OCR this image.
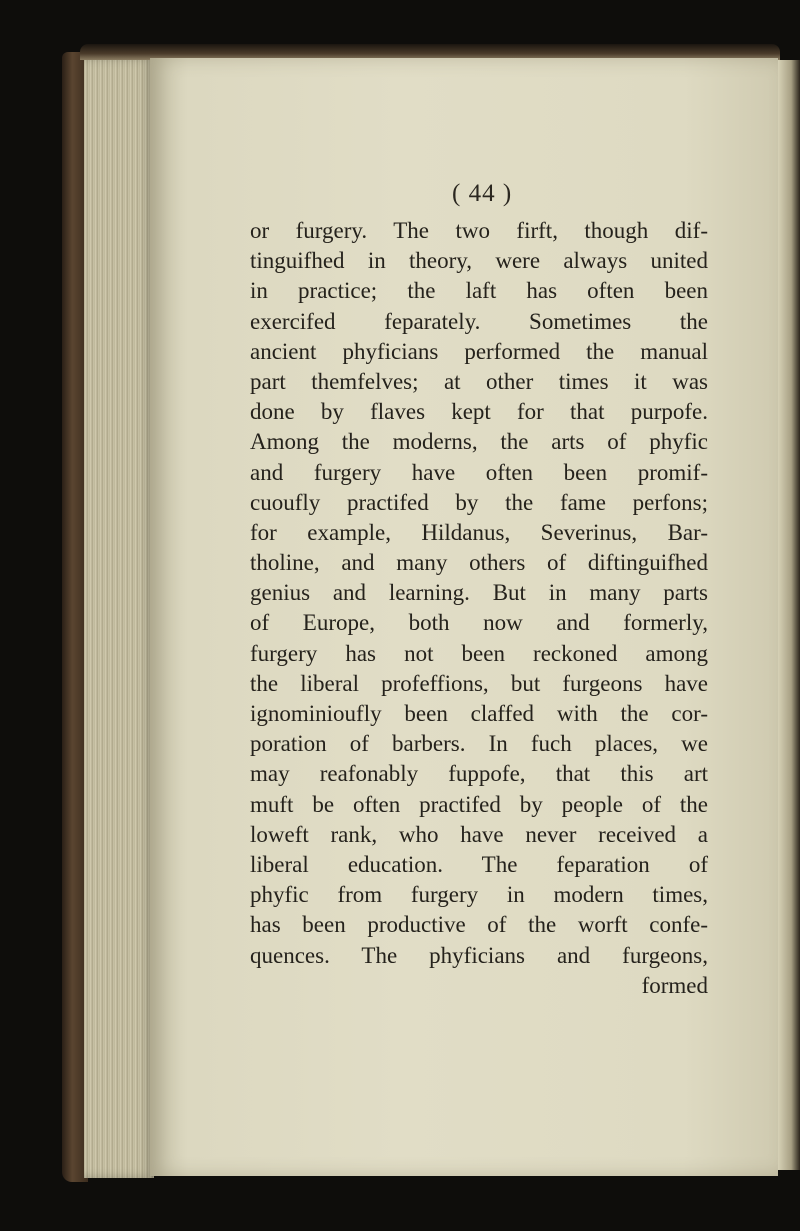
( 44 )
or furgery. The two firft, though dif-
tinguifhed in theory, were always united
in practice; the laft has often been
exercifed feparately. Sometimes the
ancient phyficians performed the manual
part themfelves; at other times it was
done by flaves kept for that purpofe.
Among the moderns, the arts of phyfic
and furgery have often been promif-
cuoufly practifed by the fame perfons;
for example, Hildanus, Severinus, Bar-
tholine, and many others of diftinguifhed
genius and learning. But in many parts
of Europe, both now and formerly,
furgery has not been reckoned among
the liberal profeffions, but furgeons have
ignominioufly been claffed with the cor-
poration of barbers. In fuch places, we
may reafonably fuppofe, that this art
muft be often practifed by people of the
loweft rank, who have never received a
liberal education. The feparation of
phyfic from furgery in modern times,
has been productive of the worft confe-
quences. The phyficians and furgeons,
formed
